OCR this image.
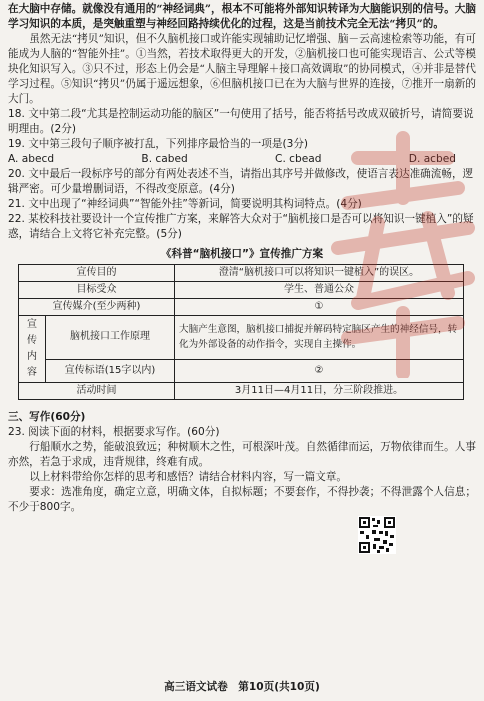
在大脑中存储。就像没有通用的“神经词典”，根本不可能将外部知识转译为大脑能识别的信号。大脑学习知识的本质，是突触重塑与神经回路持续优化的过程，这是当前技术完全无法“拷贝”的。

虽然无法“拷贝”知识，但不久脑机接口或许能实现辅助记忆增强、脑－云高速检索等功能，有可能成为人脑的“智能外挂”。①当然，若技术取得更大的开发，②脑机接口也可能实现语言、公式等模块化知识写入。③只不过，形态上仍会是“人脑主导理解＋接口高效调取”的协同模式，④并非是替代学习过程。⑤知识“拷贝”仍属于遥远想象，⑥但脑机接口已在为大脑与世界的连接，⑦推开一扇新的大门。

18. 文中第二段“尤其是控制运动功能的脑区”一句使用了括号，能否将括号改成双破折号，请简要说明理由。(2分)

19. 文中第三段句子顺序被打乱，下列排序最恰当的一项是(3分)

A. abecd	B. cabed	C. cbead	D. acbed

20. 文中最后一段标序号的部分有两处表述不当，请指出其序号并做修改，使语言表达准确流畅，逻辑严密。可少量增删词语，不得改变原意。(4分)

21. 文中出现了“神经词典”“智能外挂”等新词，简要说明其构词特点。(4分)

22. 某校科技社要设计一个宣传推广方案，来解答大众对于“脑机接口是否可以将知识一键植入”的疑惑，请结合上文将它补充完整。(5分)

《科普“脑机接口”》宣传推广方案
宣传目的		澄清“脑机接口可以将知识一键植入”的误区。
目标受众		学生、普通公众
宣传媒介(至少两种)		①
宣
传
内
容	脑机接口工作原理	大脑产生意图，脑机接口捕捉并解码特定脑区产生的神经信号，转化为外部设备的动作指令，实现自主操作。
	宣传标语(15字以内)	②
活动时间		3月11日—4月11日，分三阶段推进。

三、写作(60分)

23. 阅读下面的材料，根据要求写作。(60分)

行船顺水之势，能破浪致远；种树顺木之性，可根深叶茂。自然循律而运，万物依律而生。人事亦然，若急于求成，违背规律，终难有成。

以上材料带给你怎样的思考和感悟？请结合材料内容，写一篇文章。

要求：选准角度，确定立意，明确文体，自拟标题；不要套作，不得抄袭；不得泄露个人信息；不少于800字。

高三语文试卷　第10页(共10页)
